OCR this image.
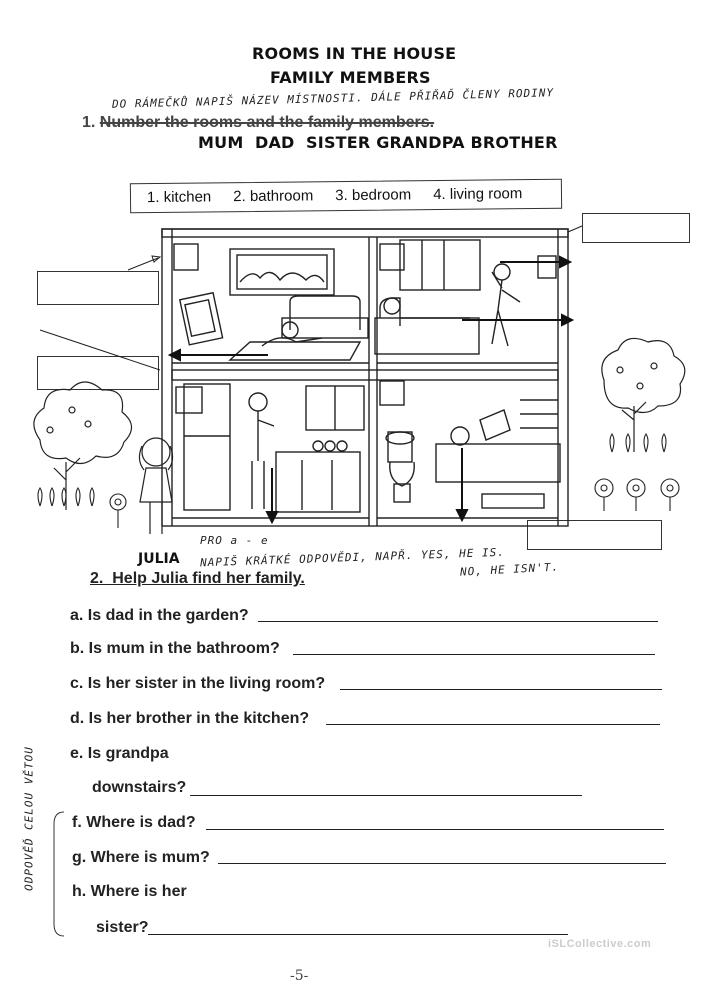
ROOMS IN THE HOUSE
FAMILY MEMBERS
DO RÁMEČKŮ NAPIŠ NÁZEV MÍSTNOSTI. DÁLE PŘIŘAĎ ČLENY RODINY
1. Number the rooms and the family members.
MUM  DAD  SISTER GRANDPA BROTHER
1. kitchen 2. bathroom 3. bedroom 4. living room
JULIA
PRO a - e
NAPIŠ KRÁTKÉ ODPOVĚDI, NAPŘ. YES, HE IS.
NO, HE ISN'T.
2.  Help Julia find her family.
a. Is dad in the garden?
b. Is mum in the bathroom?
c. Is her sister in the living room?
d. Is her brother in the kitchen?
e. Is grandpa
downstairs?
f. Where is dad?
g. Where is mum?
h. Where is her
sister?
ODPOVĚĎ CELOU VĚTOU
iSLCollective.com
-5-
